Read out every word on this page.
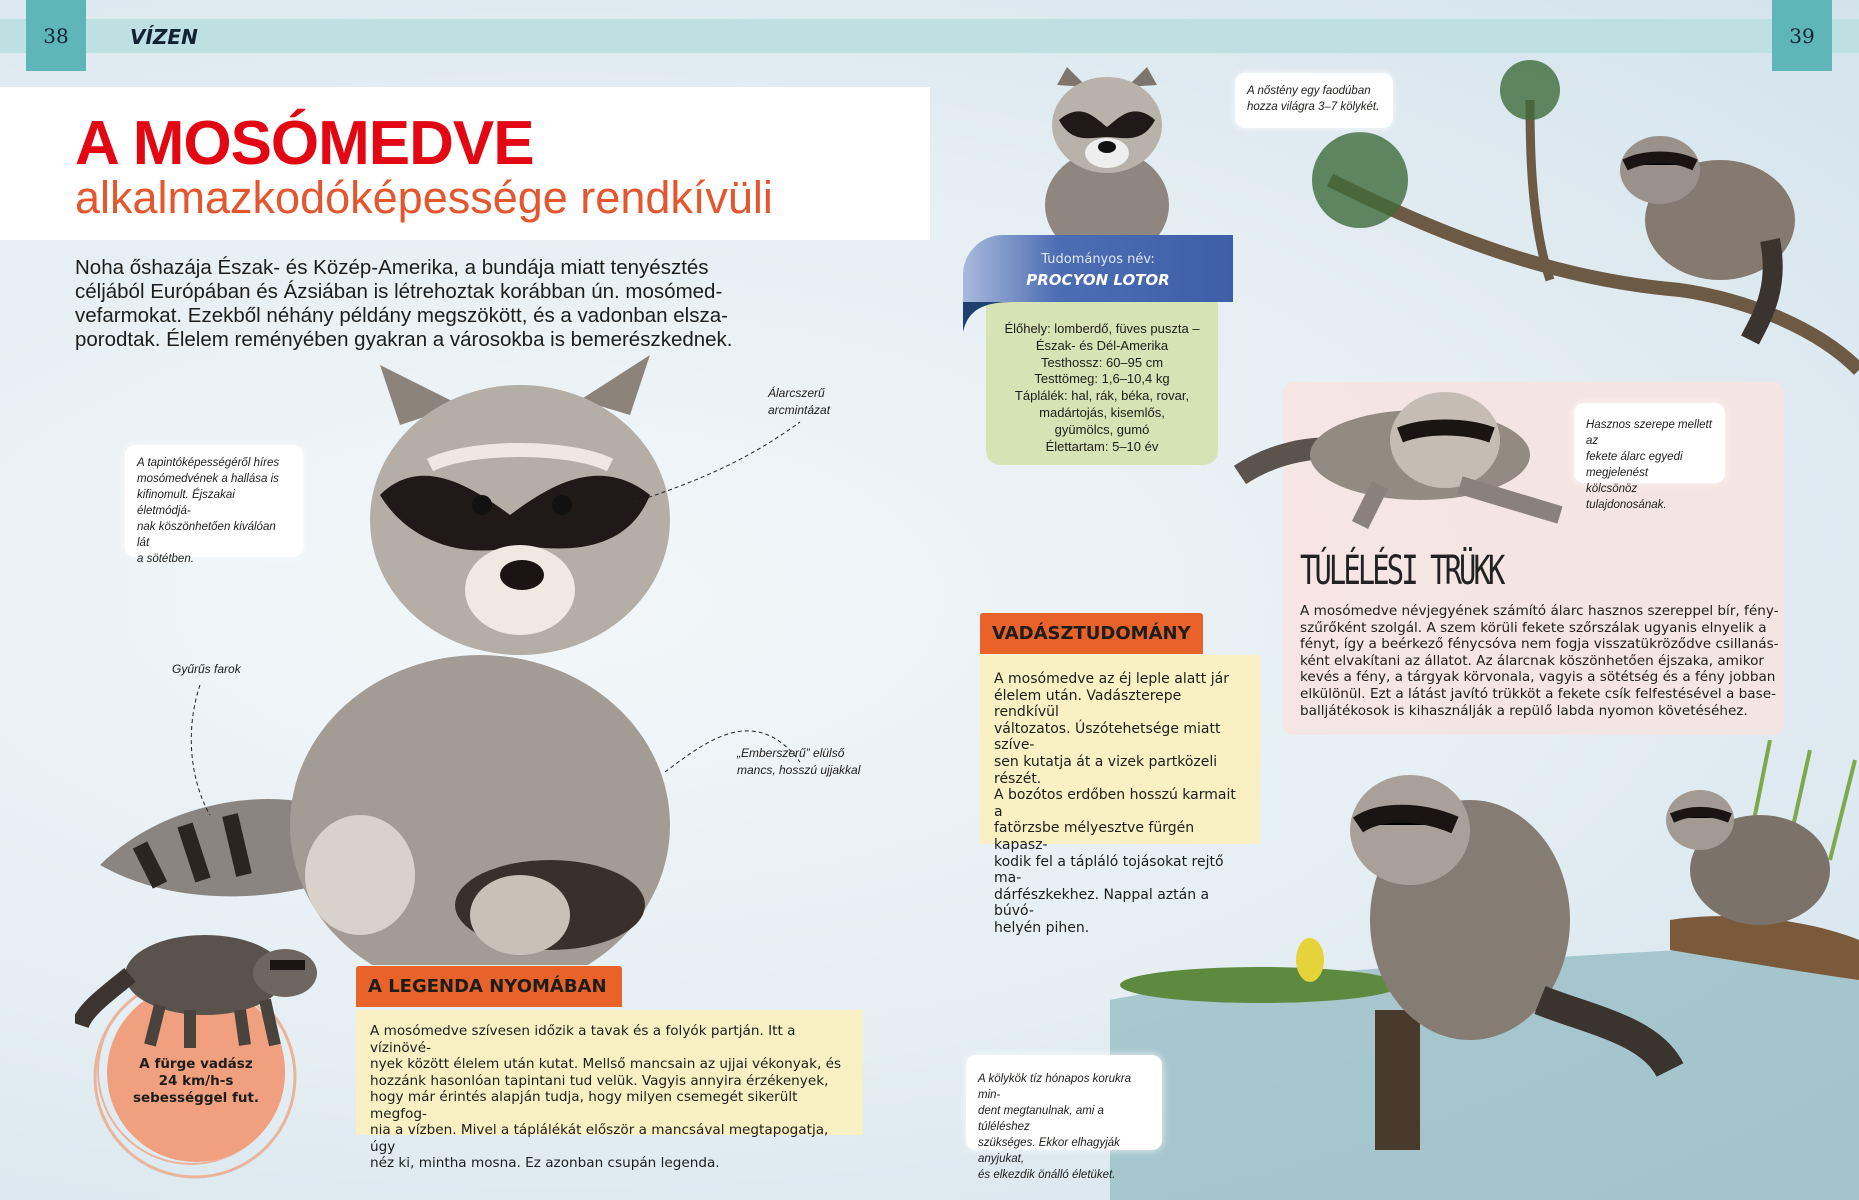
38	39
VÍZEN
A MOSÓMEDVE
alkalmazkodóképessége rendkívüli
Noha őshazája Észak- és Közép-Amerika, a bundája miatt tenyésztés
céljából Európában és Ázsiában is létrehoztak korábban ún. mosómed-
vefarmokat. Ezekből néhány példány megszökött, és a vadonban elsza-
porodtak. Élelem reményében gyakran a városokba is bemerészkednek.
A tapintóképességéről híres
mosómedvének a hallása is
kifinomult. Éjszakai életmódjá-
nak köszönhetően kiválóan lát
a sötétben.
Álarcszerű
arcmintázat
Gyűrűs farok
„Emberszerű” elülső
mancs, hosszú ujjakkal
A fürge vadász
24 km/h-s
sebességgel fut.
A LEGENDA NYOMÁBAN
A mosómedve szívesen időzik a tavak és a folyók partján. Itt a vízinövé-
nyek között élelem után kutat. Mellső mancsain az ujjai vékonyak, és
hozzánk hasonlóan tapintani tud velük. Vagyis annyira érzékenyek,
hogy már érintés alapján tudja, hogy milyen csemegét sikerült megfog-
nia a vízben. Mivel a táplálékát először a mancsával megtapogatja, úgy
néz ki, mintha mosna. Ez azonban csupán legenda.
Élőhely: lomberdő, füves puszta –
Észak- és Dél-Amerika
Testhossz: 60–95 cm
Testtömeg: 1,6–10,4 kg
Táplálék: hal, rák, béka, rovar,
madártojás, kisemlős,
gyümölcs, gumó
Élettartam: 5–10 év
Tudományos név:
PROCYON LOTOR
A nőstény egy faodúban
hozza világra 3–7 kölykét.
Hasznos szerepe mellett az
fekete álarc egyedi megjelenést
kölcsönöz tulajdonosának.
TÚLÉLÉSI TRÜKK
A mosómedve névjegyének számító álarc hasznos szereppel bír, fény-
szűrőként szolgál. A szem körüli fekete szőrszálak ugyanis elnyelik a
fényt, így a beérkező fénycsóva nem fogja visszatükröződve csillanás-
ként elvakítani az állatot. Az álarcnak köszönhetően éjszaka, amikor
kevés a fény, a tárgyak körvonala, vagyis a sötétség és a fény jobban
elkülönül. Ezt a látást javító trükköt a fekete csík felfestésével a base-
balljátékosok is kihasználják a repülő labda nyomon követéséhez.
VADÁSZTUDOMÁNY
A mosómedve az éj leple alatt jár
élelem után. Vadászterepe rendkívül
változatos. Úszótehetsége miatt szíve-
sen kutatja át a vizek partközeli részét.
A bozótos erdőben hosszú karmait a
fatörzsbe mélyesztve fürgén kapasz-
kodik fel a tápláló tojásokat rejtő ma-
dárfészkekhez. Nappal aztán a búvó-
helyén pihen.
A kölykök tíz hónapos korukra min-
dent megtanulnak, ami a túléléshez
szükséges. Ekkor elhagyják anyjukat,
és elkezdik önálló életüket.
